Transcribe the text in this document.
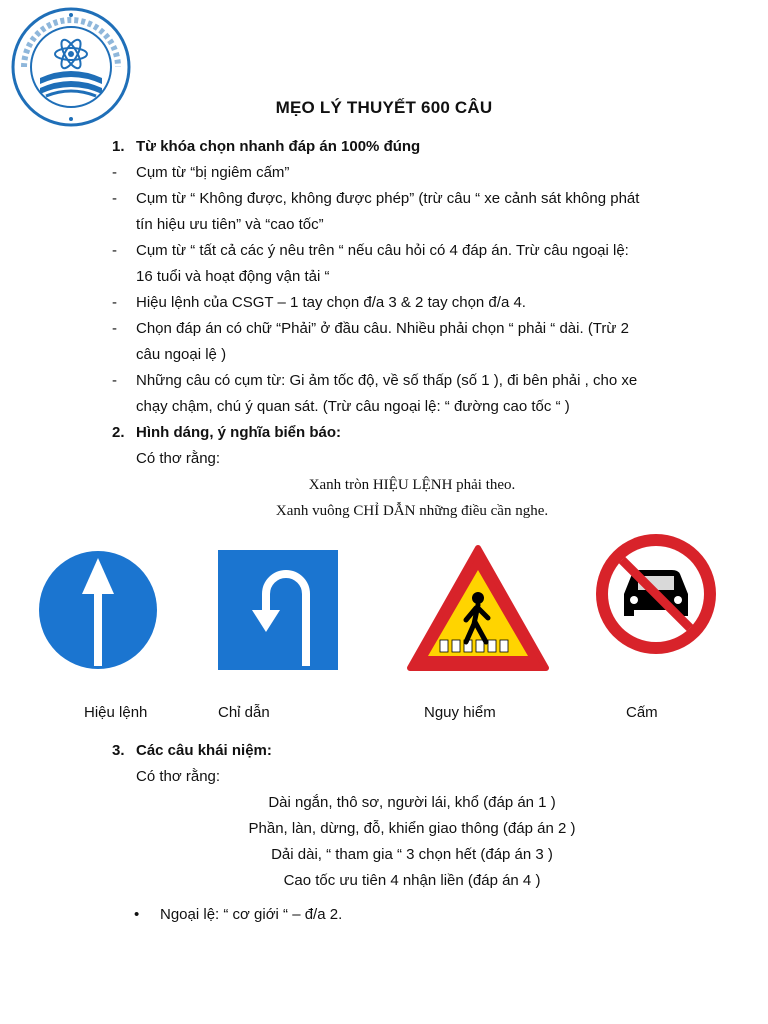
MẸO LÝ THUYẾT 600 CÂU
1. Từ khóa chọn nhanh đáp án 100% đúng
- Cụm từ “bị ngiêm cấm”
- Cụm từ “ Không được, không được phép” (trừ câu “ xe cảnh sát không phát
tín hiệu ưu tiên” và “cao tốc”
- Cụm từ “ tất cả các ý nêu trên “ nếu câu hỏi có 4 đáp án. Trừ câu ngoại lệ:
16 tuổi và hoạt động vận tải “
- Hiệu lệnh của CSGT – 1 tay chọn đ/a 3 & 2 tay chọn đ/a 4.
- Chọn đáp án có chữ “Phải” ở đầu câu. Nhiều phải chọn “ phải “ dài. (Trừ 2
câu ngoại lệ )
- Những câu có cụm từ: Gi ảm tốc độ, về số thấp (số 1 ), đi bên phải , cho xe
chạy chậm, chú ý quan sát. (Trừ câu ngoại lệ: “ đường cao tốc “ )
2. Hình dáng, ý nghĩa biển báo:
Có thơ rằng:
Xanh tròn HIỆU LỆNH phải theo.
Xanh vuông CHỈ DẪN những điều cần nghe.
Hiệu lệnh	Chỉ dẫn	Nguy hiểm	Cấm
3. Các câu khái niệm:
Có thơ rằng:
Dài ngắn, thô sơ, người lái, khổ (đáp án 1 )
Phần, làn, dừng, đỗ, khiển giao thông (đáp án 2 )
Dải dài, “ tham gia “ 3 chọn hết (đáp án 3 )
Cao tốc ưu tiên 4 nhận liền (đáp án 4 )
• Ngoại lệ: “ cơ giới “ – đ/a 2.
